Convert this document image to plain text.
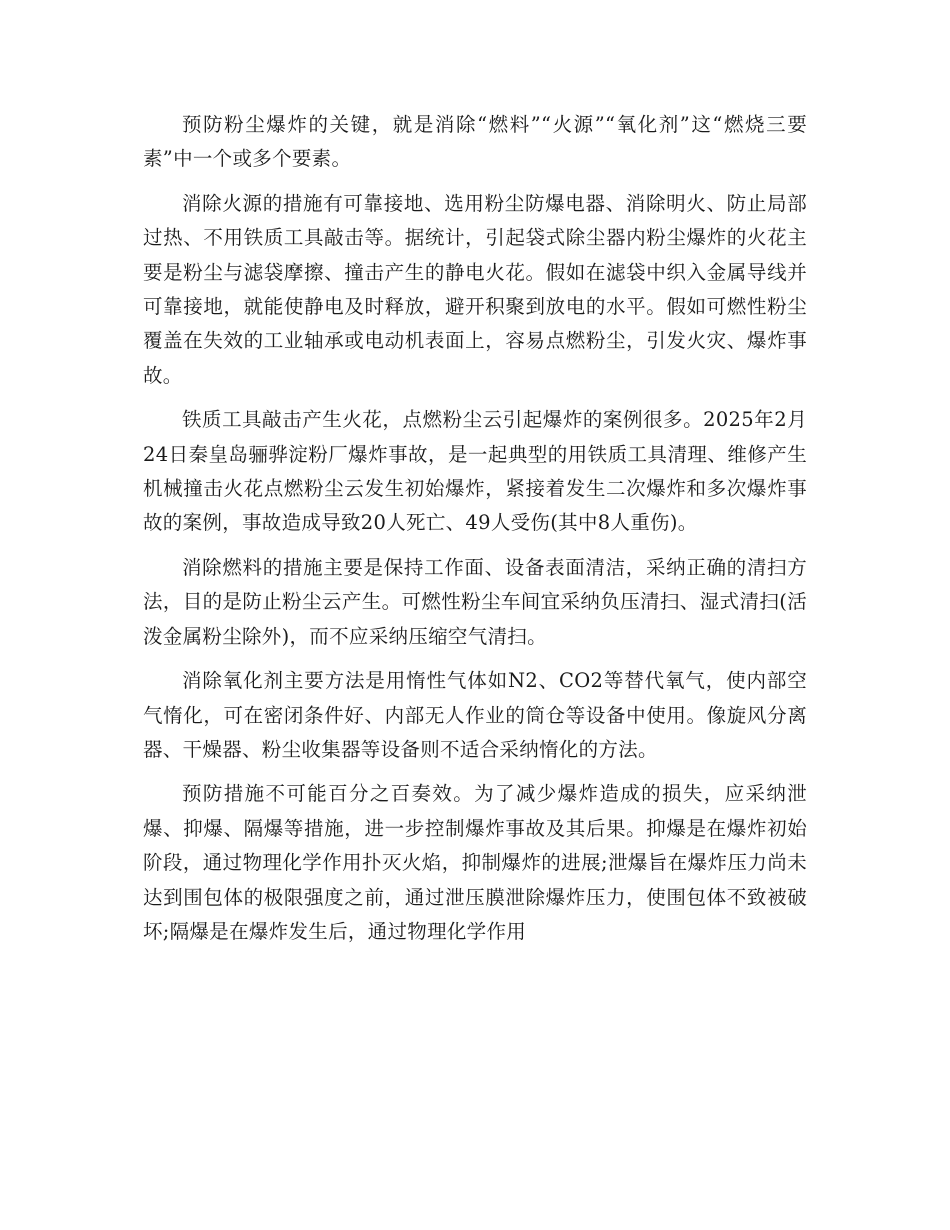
预防粉尘爆炸的关键，就是消除“燃料”“火源”“氧化剂”这“燃烧三要素”中一个或多个要素。

消除火源的措施有可靠接地、选用粉尘防爆电器、消除明火、防止局部过热、不用铁质工具敲击等。据统计，引起袋式除尘器内粉尘爆炸的火花主要是粉尘与滤袋摩擦、撞击产生的静电火花。假如在滤袋中织入金属导线并可靠接地，就能使静电及时释放，避开积聚到放电的水平。假如可燃性粉尘覆盖在失效的工业轴承或电动机表面上，容易点燃粉尘，引发火灾、爆炸事故。

铁质工具敲击产生火花，点燃粉尘云引起爆炸的案例很多。2025年2月24日秦皇岛骊骅淀粉厂爆炸事故，是一起典型的用铁质工具清理、维修产生机械撞击火花点燃粉尘云发生初始爆炸，紧接着发生二次爆炸和多次爆炸事故的案例，事故造成导致20人死亡、49人受伤(其中8人重伤)。

消除燃料的措施主要是保持工作面、设备表面清洁，采纳正确的清扫方法，目的是防止粉尘云产生。可燃性粉尘车间宜采纳负压清扫、湿式清扫(活泼金属粉尘除外)，而不应采纳压缩空气清扫。

消除氧化剂主要方法是用惰性气体如N2、CO2等替代氧气，使内部空气惰化，可在密闭条件好、内部无人作业的筒仓等设备中使用。像旋风分离器、干燥器、粉尘收集器等设备则不适合采纳惰化的方法。

预防措施不可能百分之百奏效。为了减少爆炸造成的损失，应采纳泄爆、抑爆、隔爆等措施，进一步控制爆炸事故及其后果。抑爆是在爆炸初始阶段，通过物理化学作用扑灭火焰，抑制爆炸的进展;泄爆旨在爆炸压力尚未达到围包体的极限强度之前，通过泄压膜泄除爆炸压力，使围包体不致被破坏;隔爆是在爆炸发生后，通过物理化学作用
